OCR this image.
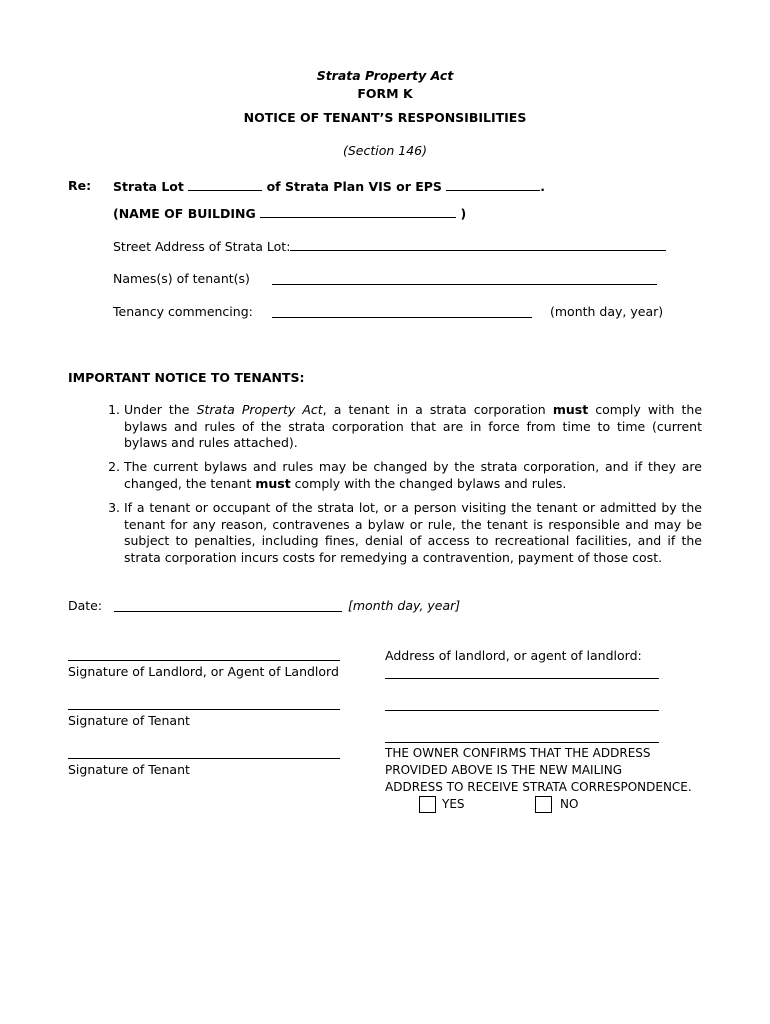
Strata Property Act
FORM K
NOTICE OF TENANT’S RESPONSIBILITIES
(Section 146)
Re: Strata Lot	of Strata Plan VIS or EPS	.
(NAME OF BUILDING	)
Street Address of Strata Lot:
Names(s) of tenant(s)
Tenancy commencing:	(month day, year)
IMPORTANT NOTICE TO TENANTS:
1. Under the Strata Property Act, a tenant in a strata corporation must comply with the bylaws and rules of the strata corporation that are in force from time to time (current bylaws and rules attached).
2. The current bylaws and rules may be changed by the strata corporation, and if they are changed, the tenant must comply with the changed bylaws and rules.
3. If a tenant or occupant of the strata lot, or a person visiting the tenant or admitted by the tenant for any reason, contravenes a bylaw or rule, the tenant is responsible and may be subject to penalties, including fines, denial of access to recreational facilities, and if the strata corporation incurs costs for remedying a contravention, payment of those cost.
Date:	[month day, year]
Signature of Landlord, or Agent of Landlord
Signature of Tenant
Signature of Tenant
Address of landlord, or agent of landlord:
THE OWNER CONFIRMS THAT THE ADDRESS
PROVIDED ABOVE IS THE NEW MAILING
ADDRESS TO RECEIVE STRATA CORRESPONDENCE.
YES	NO
